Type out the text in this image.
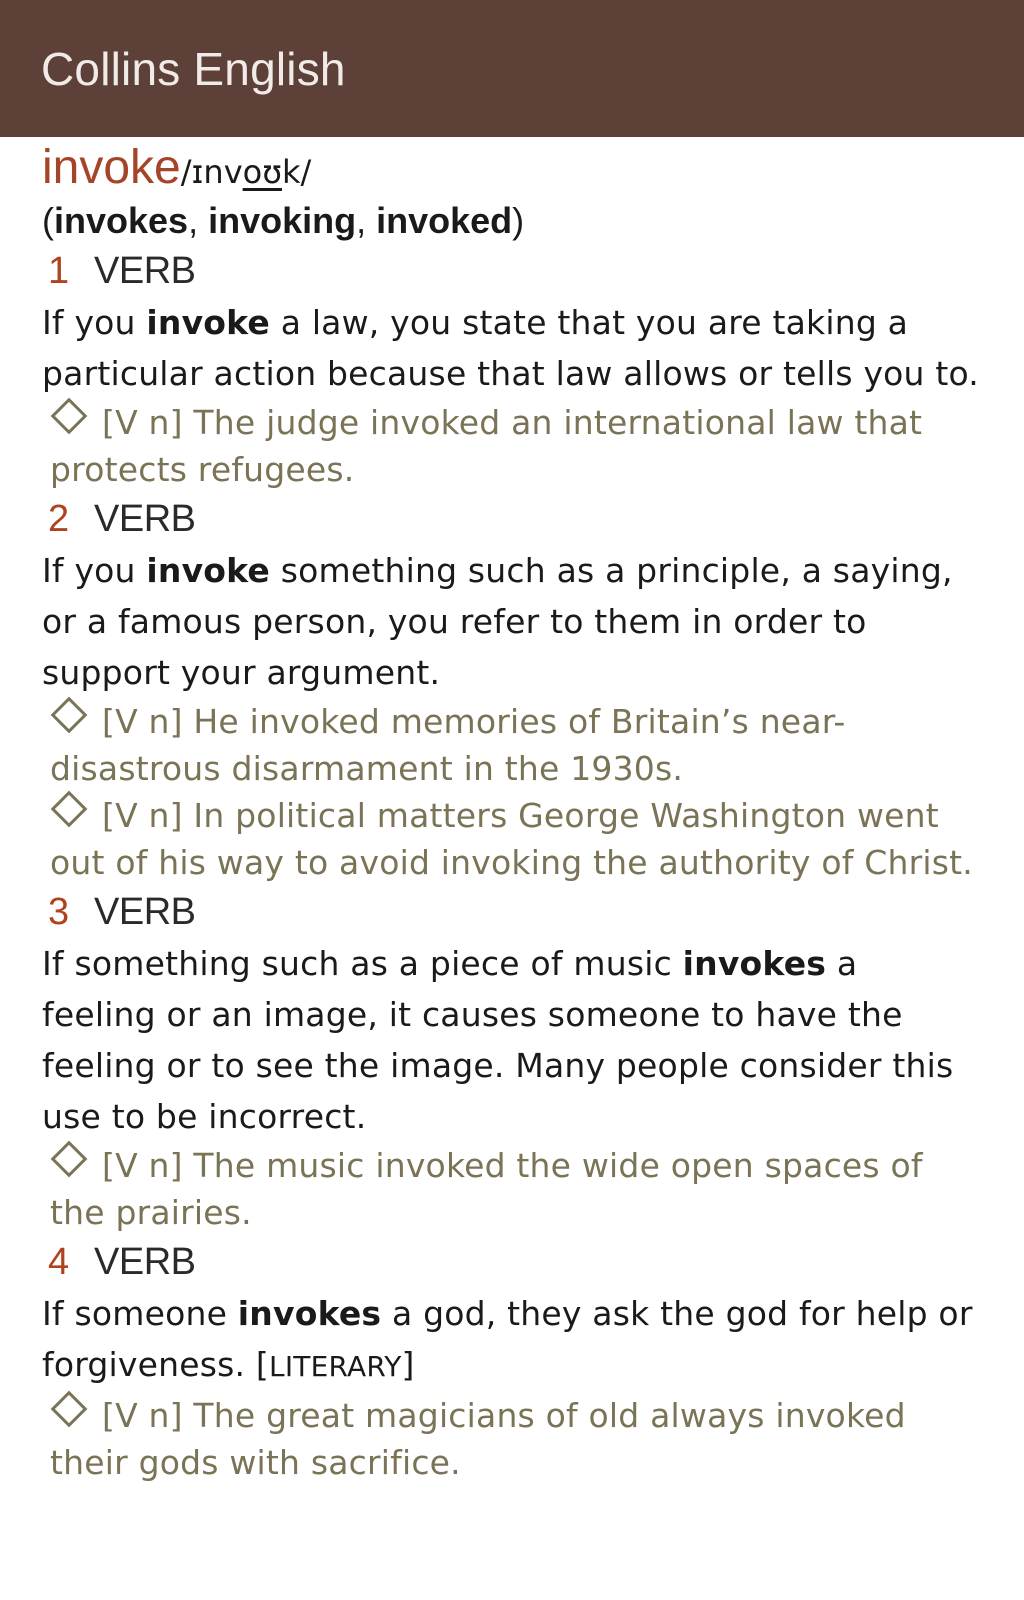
Collins English
invoke /ɪnvoʊk/
(invokes, invoking, invoked)
1 VERB
If you invoke a law, you state that you are taking a particular action because that law allows or tells you to.
[V n] The judge invoked an international law that protects refugees.
2 VERB
If you invoke something such as a principle, a saying, or a famous person, you refer to them in order to support your argument.
[V n] He invoked memories of Britain’s near-disastrous disarmament in the 1930s.
[V n] In political matters George Washington went out of his way to avoid invoking the authority of Christ.
3 VERB
If something such as a piece of music invokes a feeling or an image, it causes someone to have the feeling or to see the image. Many people consider this use to be incorrect.
[V n] The music invoked the wide open spaces of the prairies.
4 VERB
If someone invokes a god, they ask the god for help or forgiveness. [LITERARY]
[V n] The great magicians of old always invoked their gods with sacrifice.
